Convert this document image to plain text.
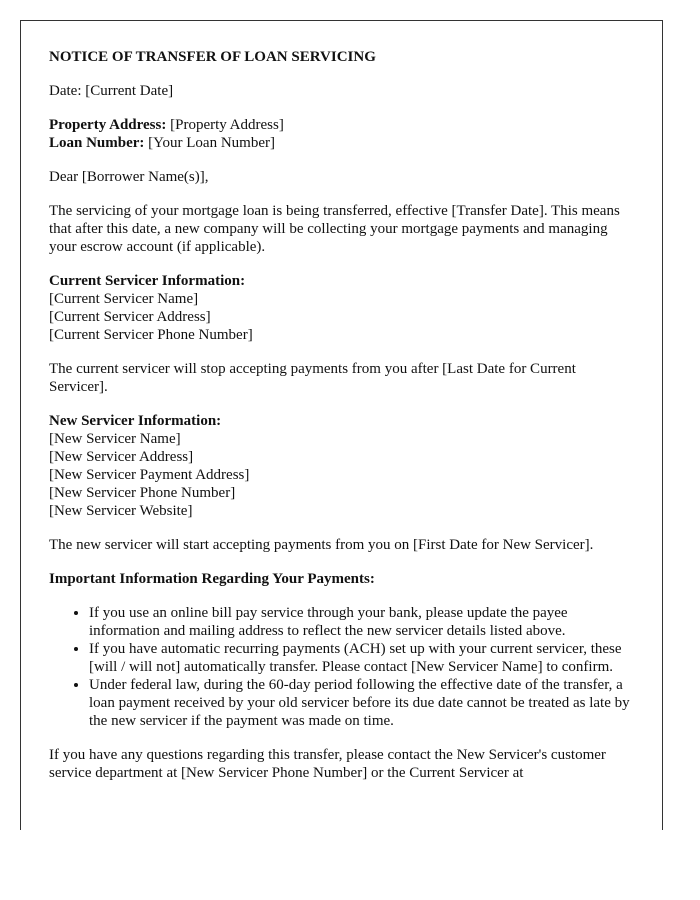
NOTICE OF TRANSFER OF LOAN SERVICING

Date: [Current Date]

Property Address: [Property Address]
Loan Number: [Your Loan Number]

Dear [Borrower Name(s)],

The servicing of your mortgage loan is being transferred, effective [Transfer Date]. This means that after this date, a new company will be collecting your mortgage payments and managing your escrow account (if applicable).

Current Servicer Information:
[Current Servicer Name]
[Current Servicer Address]
[Current Servicer Phone Number]

The current servicer will stop accepting payments from you after [Last Date for Current Servicer].

New Servicer Information:
[New Servicer Name]
[New Servicer Address]
[New Servicer Payment Address]
[New Servicer Phone Number]
[New Servicer Website]

The new servicer will start accepting payments from you on [First Date for New Servicer].

Important Information Regarding Your Payments:

• If you use an online bill pay service through your bank, please update the payee information and mailing address to reflect the new servicer details listed above.
• If you have automatic recurring payments (ACH) set up with your current servicer, these [will / will not] automatically transfer. Please contact [New Servicer Name] to confirm.
• Under federal law, during the 60-day period following the effective date of the transfer, a loan payment received by your old servicer before its due date cannot be treated as late by the new servicer if the payment was made on time.

If you have any questions regarding this transfer, please contact the New Servicer's customer service department at [New Servicer Phone Number] or the Current Servicer at
